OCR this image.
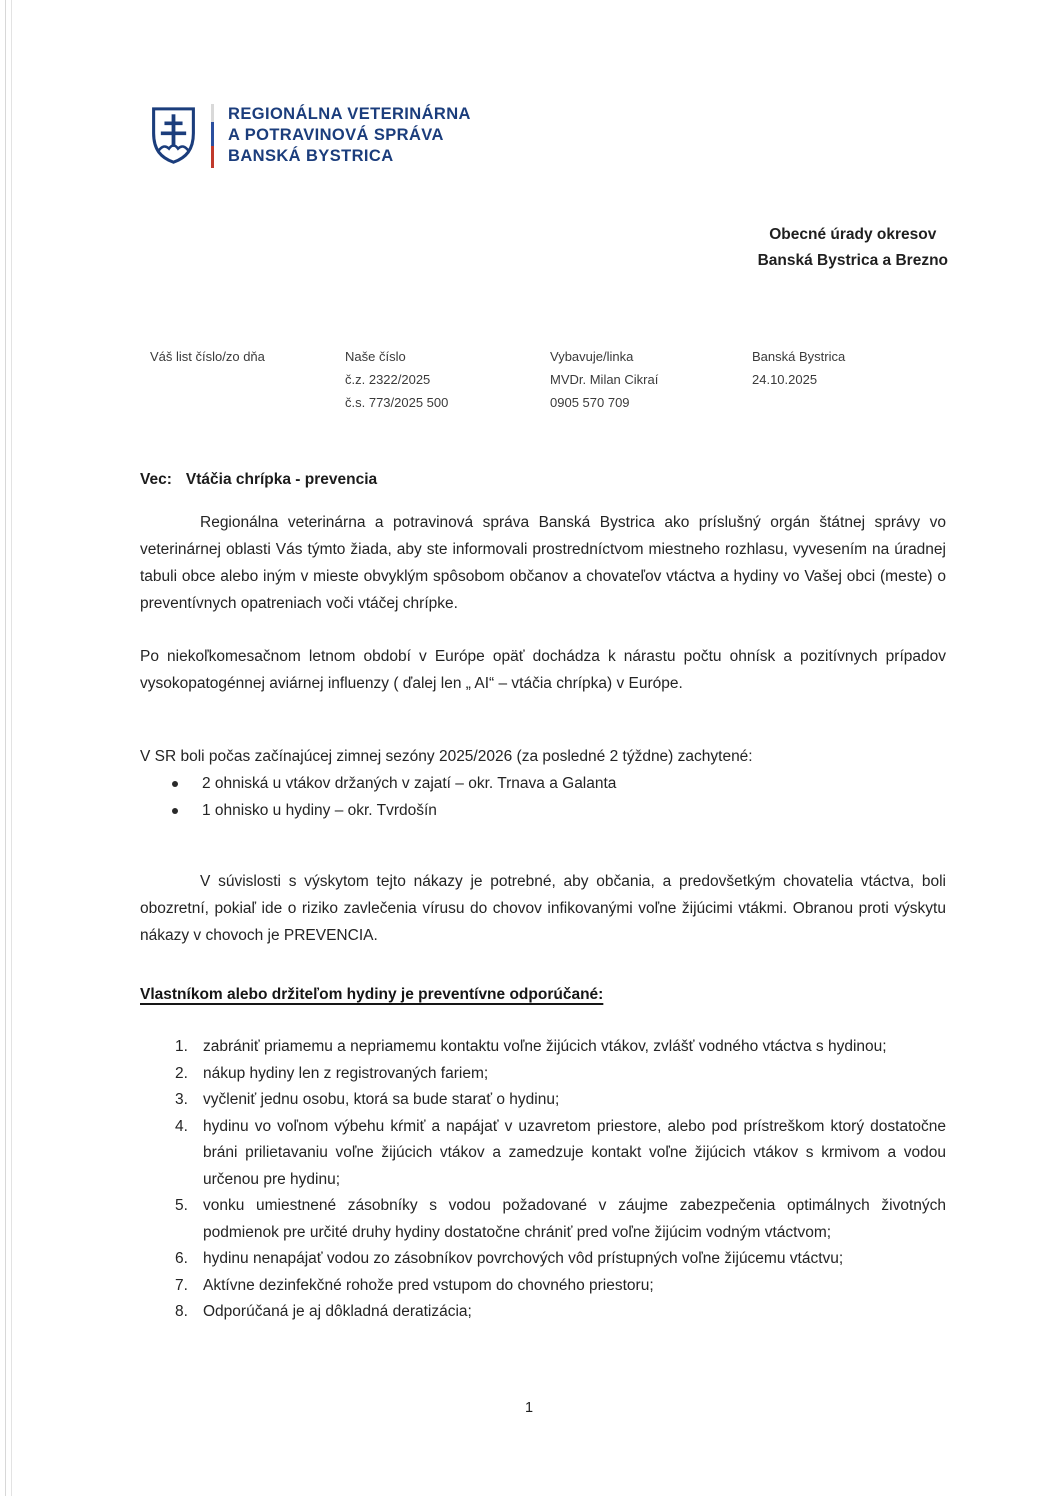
REGIONÁLNA VETERINÁRNA
A POTRAVINOVÁ SPRÁVA
BANSKÁ BYSTRICA
Obecné úrady okresov
Banská Bystrica a Brezno
Váš list číslo/zo dňa	Naše číslo
č.z. 2322/2025
č.s. 773/2025 500
Vybavuje/linka
MVDr. Milan Cikraí
0905 570 709
Banská Bystrica
24.10.2025
Vec: Vtáčia chrípka - prevencia

Regionálna veterinárna a potravinová správa Banská Bystrica ako príslušný orgán štátnej správy vo veterinárnej oblasti Vás týmto žiada, aby ste informovali prostredníctvom miestneho rozhlasu, vyvesením na úradnej tabuli obce alebo iným v mieste obvyklým spôsobom občanov a chovateľov vtáctva a hydiny vo Vašej obci (meste) o preventívnych opatreniach voči vtáčej chrípke.

Po niekoľkomesačnom letnom období v Európe opäť dochádza k nárastu počtu ohnísk a pozitívnych prípadov vysokopatogénnej aviárnej influenzy ( ďalej len „ AI“ – vtáčia chrípka) v Európe.

V SR boli počas začínajúcej zimnej sezóny 2025/2026 (za posledné 2 týždne) zachytené:

2 ohniská u vtákov držaných v zajatí – okr. Trnava a Galanta
1 ohnisko u hydiny – okr. Tvrdošín

V súvislosti s výskytom tejto nákazy je potrebné, aby občania, a predovšetkým chovatelia vtáctva, boli obozretní, pokiaľ ide o riziko zavlečenia vírusu do chovov infikovanými voľne žijúcimi vtákmi. Obranou proti výskytu nákazy v chovoch je PREVENCIA.

Vlastníkom alebo držiteľom hydiny je preventívne odporúčané:
1. zabrániť priamemu a nepriamemu kontaktu voľne žijúcich vtákov, zvlášť vodného vtáctva s hydinou;
2. nákup hydiny len z registrovaných fariem;
3. vyčleniť jednu osobu, ktorá sa bude starať o hydinu;
4. hydinu vo voľnom výbehu kŕmiť a napájať v uzavretom priestore, alebo pod prístreškom ktorý dostatočne bráni prilietavaniu voľne žijúcich vtákov a zamedzuje kontakt voľne žijúcich vtákov s krmivom a vodou určenou pre hydinu;
5. vonku umiestnené zásobníky s vodou požadované v záujme zabezpečenia optimálnych životných podmienok pre určité druhy hydiny dostatočne chrániť pred voľne žijúcim vodným vtáctvom;
6. hydinu nenapájať vodou zo zásobníkov povrchových vôd prístupných voľne žijúcemu vtáctvu;
7. Aktívne dezinfekčné rohože pred vstupom do chovného priestoru;
8. Odporúčaná je aj dôkladná deratizácia;
1
